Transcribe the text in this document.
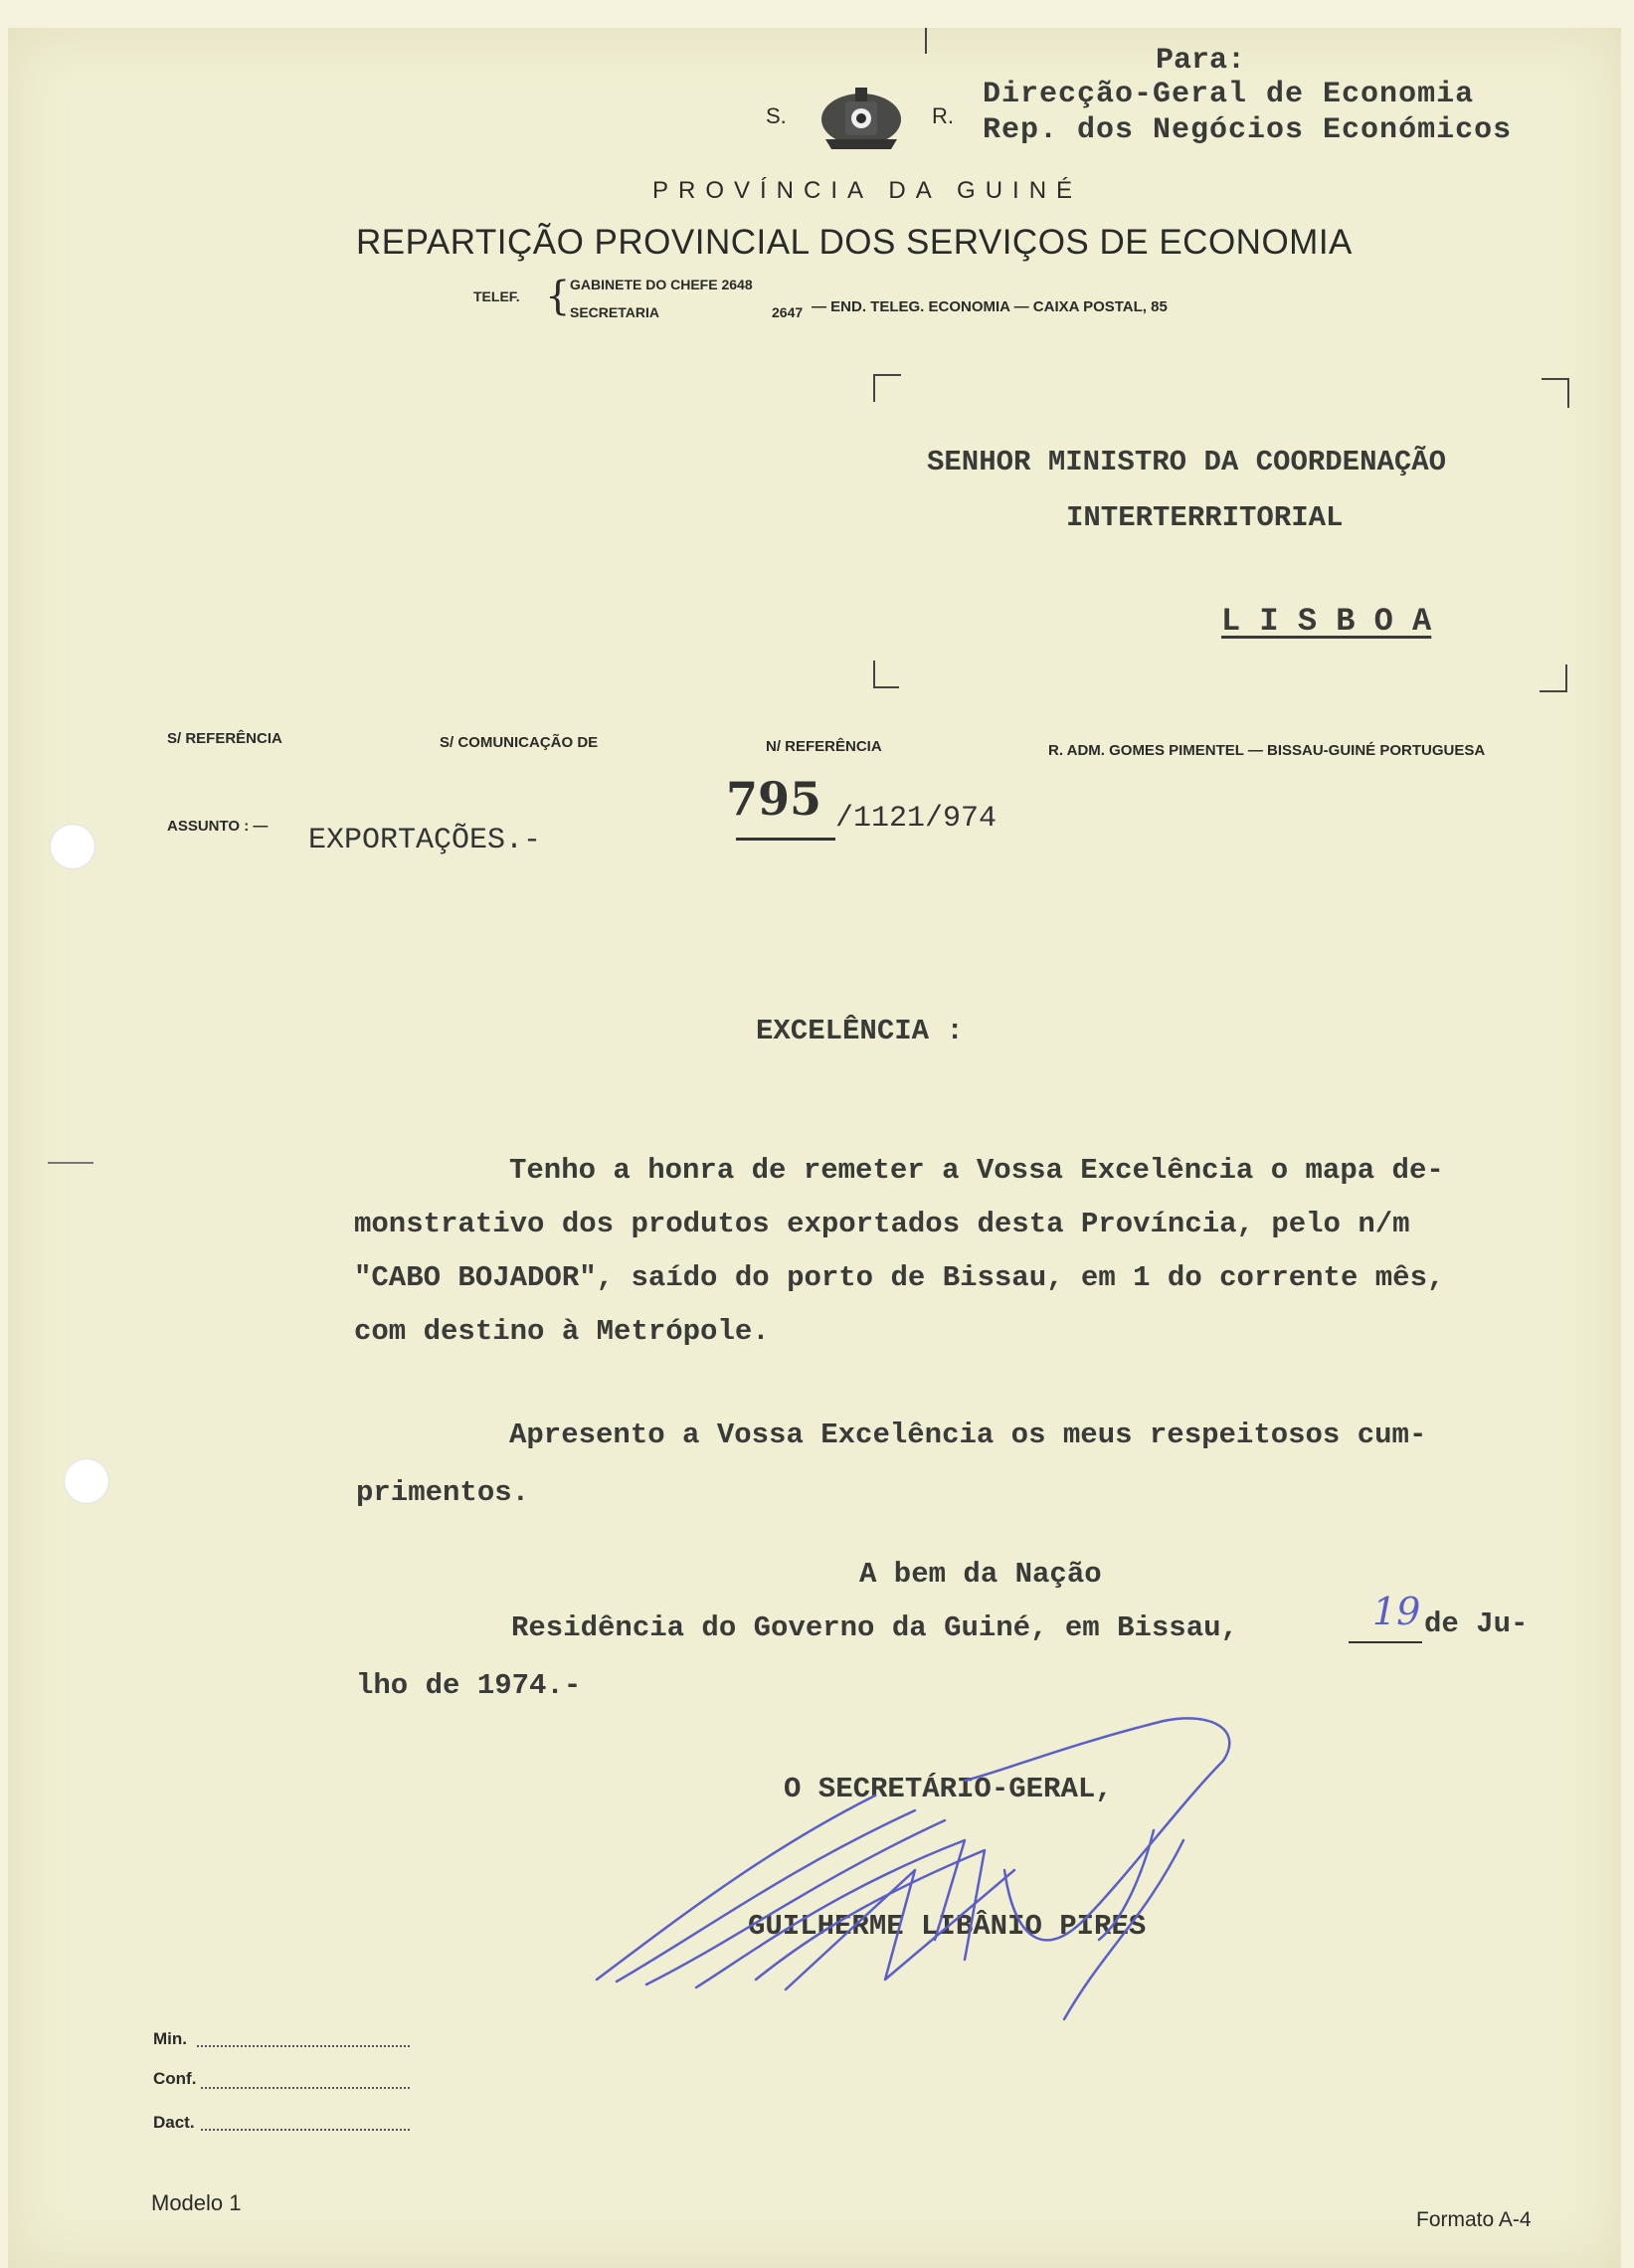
Para:
Direcção-Geral de Economia
Rep. dos Negócios Económicos
S.	R.
PROVÍNCIA DA GUINÉ
REPARTIÇÃO PROVINCIAL DOS SERVIÇOS DE ECONOMIA
TELEF. { GABINETE DO CHEFE 2648
SECRETARIA	2647 — END. TELEG. ECONOMIA — CAIXA POSTAL, 85
SENHOR MINISTRO DA COORDENAÇÃO
INTERTERRITORIAL
L I S B O A
S/ REFERÊNCIA	S/ COMUNICAÇÃO DE	N/ REFERÊNCIA	R. ADM. GOMES PIMENTEL — BISSAU-GUINÉ PORTUGUESA
ASSUNTO : — EXPORTAÇÕES.-
795 /1121/974
EXCELÊNCIA :
Tenho a honra de remeter a Vossa Excelência o mapa de-
monstrativo dos produtos exportados desta Província, pelo n/m
"CABO BOJADOR", saído do porto de Bissau, em 1 do corrente mês,
com destino à Metrópole.
Apresento a Vossa Excelência os meus respeitosos cum-
primentos.
A bem da Nação
Residência do Governo da Guiné, em Bissau,	19 de Ju-
lho de 1974.-
O SECRETÁRIO-GERAL,
GUILHERME LIBÂNIO PIRES
Min.
Conf.
Dact.
Modelo 1
Formato A-4
